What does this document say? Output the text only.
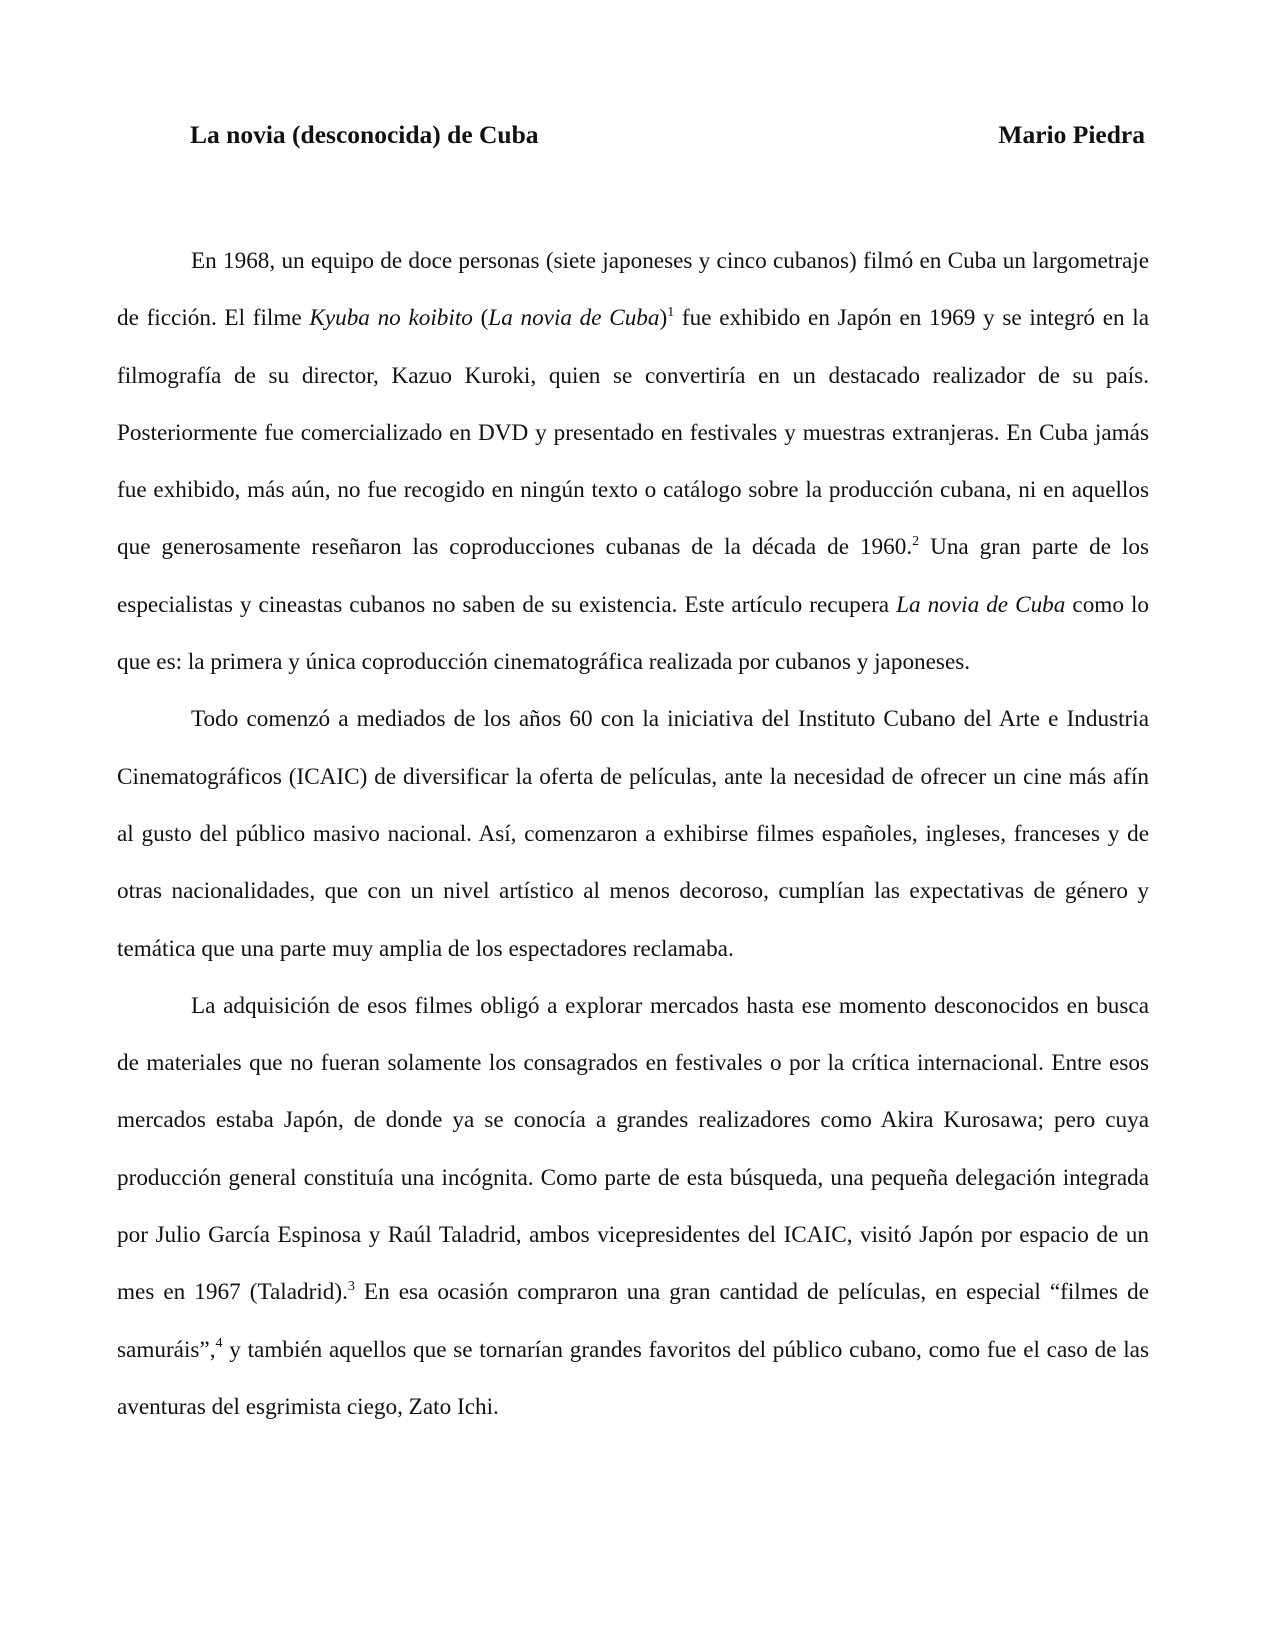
La novia (desconocida) de Cuba	Mario Piedra

En 1968, un equipo de doce personas (siete japoneses y cinco cubanos) filmó en Cuba un largometraje de ficción. El filme Kyuba no koibito (La novia de Cuba)$^1$ fue exhibido en Japón en 1969 y se integró en la filmografía de su director, Kazuo Kuroki, quien se convertiría en un destacado realizador de su país. Posteriormente fue comercializado en DVD y presentado en festivales y muestras extranjeras. En Cuba jamás fue exhibido, más aún, no fue recogido en ningún texto o catálogo sobre la producción cubana, ni en aquellos que generosamente reseñaron las coproducciones cubanas de la década de 1960.$^2$ Una gran parte de los especialistas y cineastas cubanos no saben de su existencia. Este artículo recupera La novia de Cuba como lo que es: la primera y única coproducción cinematográfica realizada por cubanos y japoneses.

Todo comenzó a mediados de los años 60 con la iniciativa del Instituto Cubano del Arte e Industria Cinematográficos (ICAIC) de diversificar la oferta de películas, ante la necesidad de ofrecer un cine más afín al gusto del público masivo nacional. Así, comenzaron a exhibirse filmes españoles, ingleses, franceses y de otras nacionalidades, que con un nivel artístico al menos decoroso, cumplían las expectativas de género y temática que una parte muy amplia de los espectadores reclamaba.

La adquisición de esos filmes obligó a explorar mercados hasta ese momento desconocidos en busca de materiales que no fueran solamente los consagrados en festivales o por la crítica internacional. Entre esos mercados estaba Japón, de donde ya se conocía a grandes realizadores como Akira Kurosawa; pero cuya producción general constituía una incógnita. Como parte de esta búsqueda, una pequeña delegación integrada por Julio García Espinosa y Raúl Taladrid, ambos vicepresidentes del ICAIC, visitó Japón por espacio de un mes en 1967 (Taladrid).$^3$ En esa ocasión compraron una gran cantidad de películas, en especial “filmes de samuráis”,$^4$ y también aquellos que se tornarían grandes favoritos del público cubano, como fue el caso de las aventuras del esgrimista ciego, Zato Ichi.
